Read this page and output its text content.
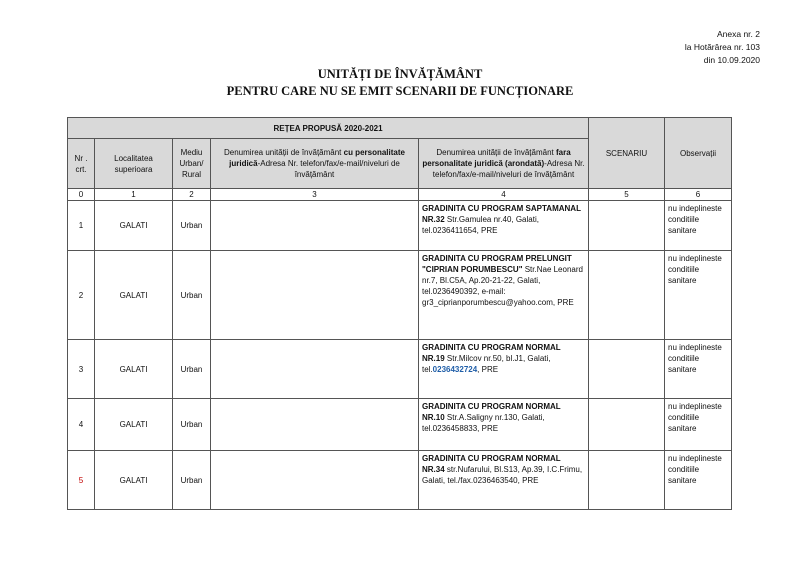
Anexa nr. 2
la Hotărârea nr. 103
din 10.09.2020
UNITĂȚI DE ÎNVĂȚĂMÂNT
PENTRU CARE NU SE EMIT SCENARII DE FUNCȚIONARE
REȚEA PROPUSĂ 2020-2021					SCENARIU	Observații
Nr . crt.	Localitatea superioara	Mediu Urban/ Rural	Denumirea unității de învățământ cu personalitate juridică-Adresa Nr. telefon/fax/e-mail/niveluri de învățământ	Denumirea unității de învățământ fara personalitate juridică (arondată)-Adresa Nr. telefon/fax/e-mail/niveluri de învățământ		
0	1	2	3	4	5	6
1	GALATI	Urban		GRADINITA CU PROGRAM SAPTAMANAL NR.32 Str.Gamulea nr.40, Galati, tel.0236411654, PRE		nu indeplineste conditiile sanitare
2	GALATI	Urban		GRADINITA CU PROGRAM PRELUNGIT "CIPRIAN PORUMBESCU" Str.Nae Leonard nr.7, Bl.C5A, Ap.20-21-22, Galati, tel.0236490392, e-mail: gr3_ciprianporumbescu@yahoo.com, PRE		nu indeplineste conditiile sanitare
3	GALATI	Urban		GRADINITA CU PROGRAM NORMAL NR.19 Str.Milcov nr.50, bl.J1, Galati, tel.0236432724, PRE		nu indeplineste conditiile sanitare
4	GALATI	Urban		GRADINITA CU PROGRAM NORMAL NR.10 Str.A.Saligny nr.130, Galati, tel.0236458833, PRE		nu indeplineste conditiile sanitare
5	GALATI	Urban		GRADINITA CU PROGRAM NORMAL NR.34 str.Nufarului, Bl.S13, Ap.39, I.C.Frimu, Galati, tel./fax.0236463540, PRE		nu indeplineste conditiile sanitare
